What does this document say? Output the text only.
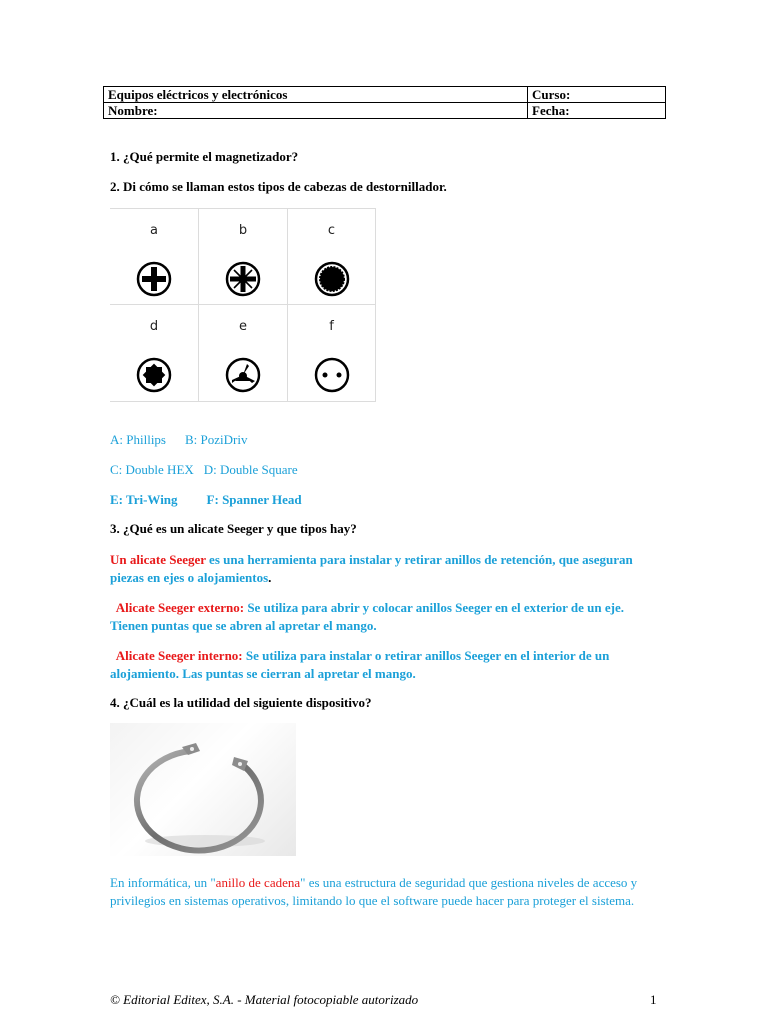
Equipos eléctricos y electrónicos	Curso:
Nombre:	Fecha:
1. ¿Qué permite el magnetizador?
2. Di cómo se llaman estos tipos de cabezas de destornillador.
a	b	c
d	e	f
A: Phillips B: PoziDriv
C: Double HEX D: Double Square
E: Tri-Wing F: Spanner Head
3. ¿Qué es un alicate Seeger y que tipos hay?
Un alicate Seeger es una herramienta para instalar y retirar anillos de retención, que aseguran piezas en ejes o alojamientos.
Alicate Seeger externo: Se utiliza para abrir y colocar anillos Seeger en el exterior de un eje. Tienen puntas que se abren al apretar el mango.
Alicate Seeger interno: Se utiliza para instalar o retirar anillos Seeger en el interior de un alojamiento. Las puntas se cierran al apretar el mango.
4. ¿Cuál es la utilidad del siguiente dispositivo?
En informática, un "anillo de cadena" es una estructura de seguridad que gestiona niveles de acceso y privilegios en sistemas operativos, limitando lo que el software puede hacer para proteger el sistema.
© Editorial Editex, S.A. - Material fotocopiable autorizado	1
